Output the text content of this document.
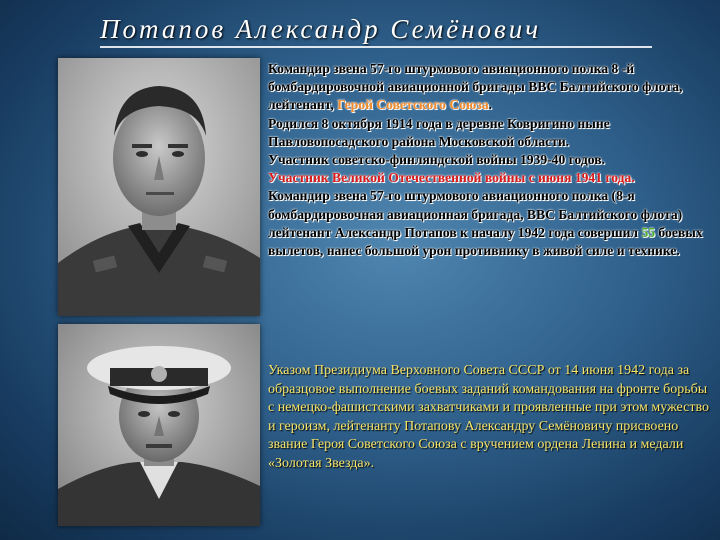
Потапов Александр Семёнович
Командир звена 57-го штурмового авиационного полка 8 -й бомбардировочной авиационной бригады ВВС Балтийского флота, лейтенант, Герой Советского Союза.
Родился 8 октября 1914 года в деревне Ковригино ныне Павловопосадского района Московской области.
Участник советско-финляндской войны 1939-40 годов.
Участник Великой Отечественной войны с июня 1941 года.
Командир звена 57-го штурмового авиационного полка (8-я бомбардировочная авиационная бригада, ВВС Балтийского флота) лейтенант Александр Потапов к началу 1942 года совершил 55 боевых вылетов, нанес большой урон противнику в живой силе и технике.
Указом Президиума Верховного Совета СССР от 14 июня 1942 года за образцовое выполнение боевых заданий командования на фронте борьбы с немецко-фашистскими захватчиками и проявленные при этом мужество и героизм, лейтенанту Потапову Александру Семёновичу присвоено звание Героя Советского Союза с вручением ордена Ленина и медали «Золотая Звезда».
